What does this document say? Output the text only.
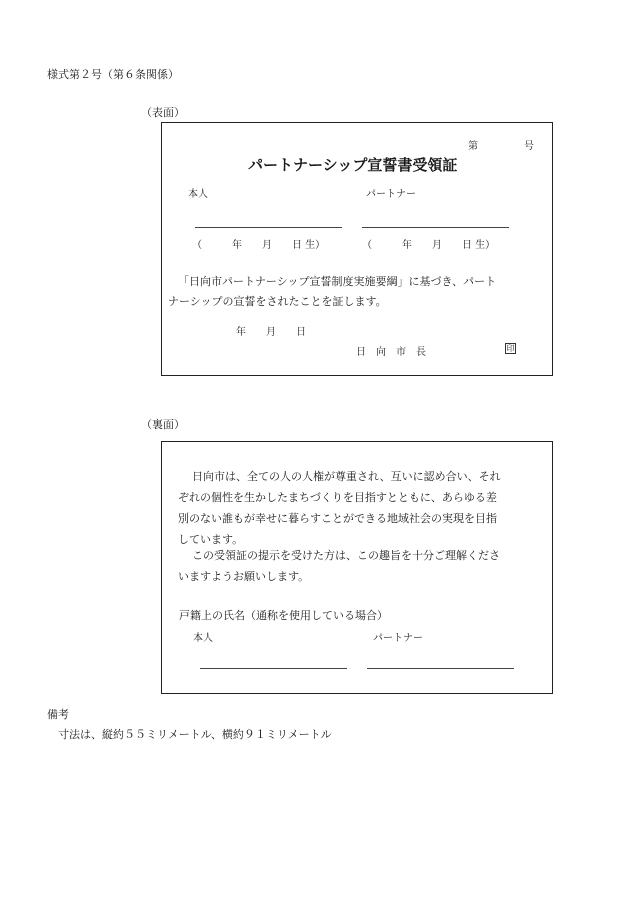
様式第２号（第６条関係）
（表面）
第	号
パートナーシップ宣誓書受領証
本人	パートナー
（　　　年　　月　　日 生）	（　　　年　　月　　日 生）
「日向市パートナーシップ宣誓制度実施要綱」に基づき、パート
ナーシップの宣誓をされたことを証します。
年　　月　　日
日　向　市　長	印
（裏面）
日向市は、全ての人の人権が尊重され、互いに認め合い、それ
ぞれの個性を生かしたまちづくりを目指すとともに、あらゆる差
別のない誰もが幸せに暮らすことができる地域社会の実現を目指
しています。
この受領証の提示を受けた方は、この趣旨を十分ご理解くださ
いますようお願いします。
戸籍上の氏名（通称を使用している場合）
本人	パートナー
備考
寸法は、縦約５５ミリメートル、横約９１ミリメートル
